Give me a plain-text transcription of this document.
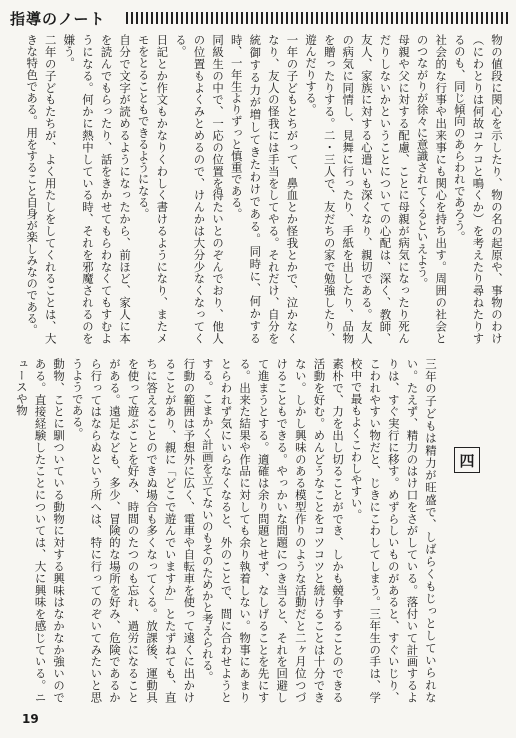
指導のノート

物の値段に関心を示したり、物の名の起原や、事物のわけ（にわとりは何故コケコと鳴くか）を考えたり尋ねたりするのも、同じ傾向のあらわれであろう。

社会的な行事や出来事にも関心を持ち出す。周囲の社会とのつながりが徐々に意識されてくるといえよう。

母親や父に対する配慮、ことに母親が病気になったり死んだりしないかということについての心配は、深く、教師、友人、家族に対する心遣いも深くなり、親切である。友人の病気に同情し、見舞に行ったり、手紙を出したり、品物を贈ったりする。二・三人で、友だちの家で勉強したり、遊んだりする。

一年の子どもとちがって、鼻血とか怪我とかで、泣かなくなり、友人の怪我には手当をしてやる。それだけ、自分を統御する力が増してきたわけである。同時に、何かする時、一年生よりずっと慎重である。

同級生の中で、一応の位置を得たいとのぞんでおり、他人の位置もよくみとめるので、けんかは大分少なくなってくる。

日記とか作文もかなりくわしく書けるようになり、またメモをとることもできるようになる。

自分で文字が読めるようになったから、前ほど、家人に本を読んでもらったり、話をきかせてもらわなくてもすむようになる。何かに熱中している時、それを邪魔されるのを嫌う。

二年の子どもたちが、よく用たしをしてくれることは、大きな特色である。用をすること自身が楽しみなのである。

四

三年の子どもは精力が旺盛で、しばらくもじっとしていられない。たえず、精力のはけ口をさがしている。落付いて計画するよりは、すぐ実行に移す。めずらしいものがあると、すぐいじり、こわれやすい物だと、じきにこわしてしまう。三年生の手は、学校中で最もよくこわしやすい。

素朴で、力を出し切ることができ、しかも競争することのできる活動を好む。めんどうなことをコツコツと続けることは十分できない。しかし興味のある模型作りのような活動だと二ヶ月位つづけることもできる。やっかいな問題につき当ると、それを回避して進まうとする。適確は余り問題とせず、なしげることを先にする。出来た結果や作品に対しても余り執着しない。物事にあまりとらわれず気にいらなくなると、外のことで、間に合わせようとする。こまかく計画を立てないのもそのためかと考えられる。

行動の範囲は予想外に広く、電車や自転車を使って遠くに出かけることがあり、親に「どこで遊んでいますか」とたずねても、直ちに答えることのできぬ場合も多くなってくる。放課後、運動具を使って遊ぶことを好み、時間のたつのも忘れ、過労になることがある。遠足なども、多少、冒険的な場所を好み、危険であるから行ってはならぬという所へは、特に行ってのぞいてみたいと思うようである。

動物、ことに馴ついている動物に対する興味はなかなか強いのである。直接経験したことについては、大に興味を感じている。ニュースや物

19
